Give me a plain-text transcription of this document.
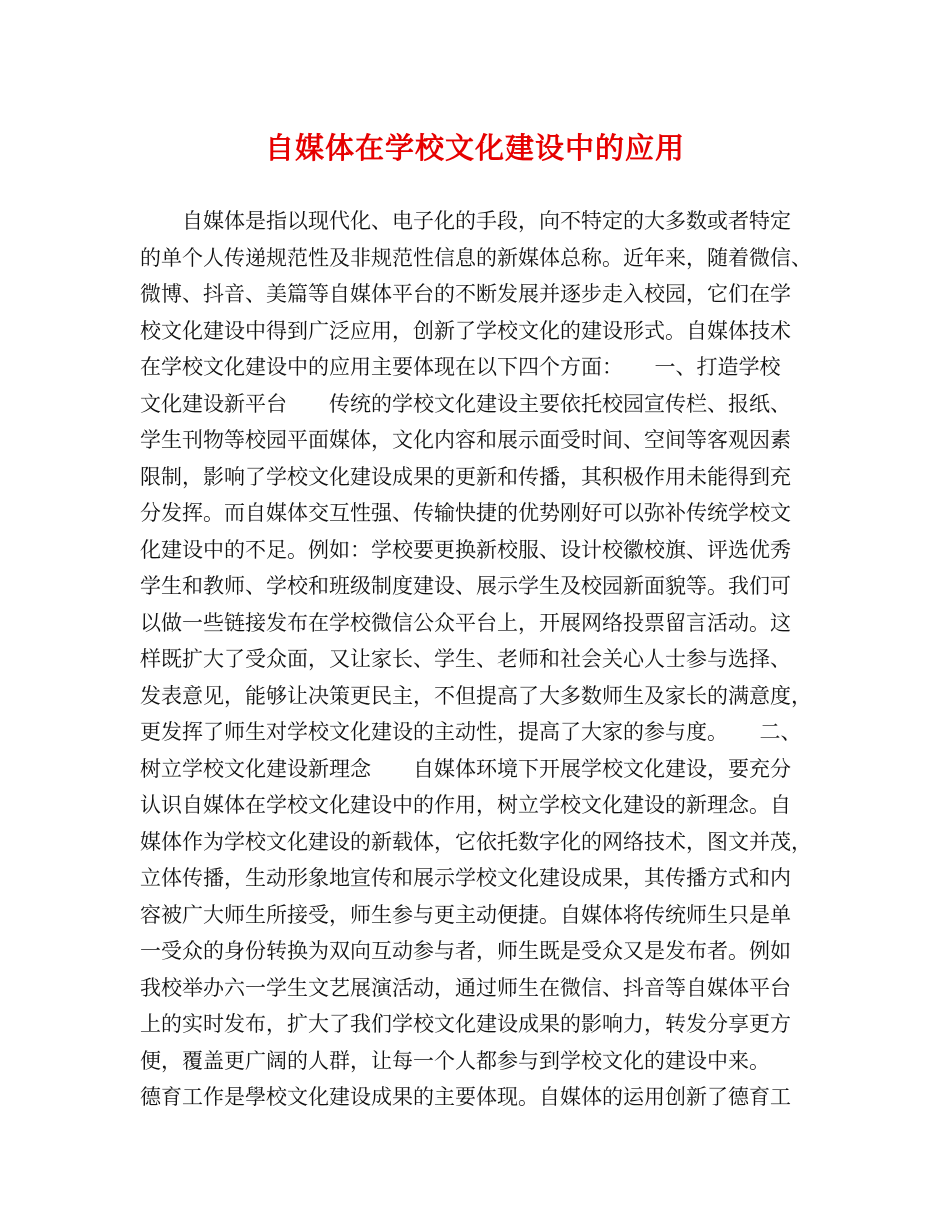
自媒体在学校文化建设中的应用
　　自媒体是指以现代化、电子化的手段，向不特定的大多数或者特定
的单个人传递规范性及非规范性信息的新媒体总称。近年来，随着微信、
微博、抖音、美篇等自媒体平台的不断发展并逐步走入校园，它们在学
校文化建设中得到广泛应用，创新了学校文化的建设形式。自媒体技术
在学校文化建设中的应用主要体现在以下四个方面：　　一、打造学校
文化建设新平台　　传统的学校文化建设主要依托校园宣传栏、报纸、
学生刊物等校园平面媒体，文化内容和展示面受时间、空间等客观因素
限制，影响了学校文化建设成果的更新和传播，其积极作用未能得到充
分发挥。而自媒体交互性强、传输快捷的优势刚好可以弥补传统学校文
化建设中的不足。例如：学校要更换新校服、设计校徽校旗、评选优秀
学生和教师、学校和班级制度建设、展示学生及校园新面貌等。我们可
以做一些链接发布在学校微信公众平台上，开展网络投票留言活动。这
样既扩大了受众面，又让家长、学生、老师和社会关心人士参与选择、
发表意见，能够让决策更民主，不但提高了大多数师生及家长的满意度，
更发挥了师生对学校文化建设的主动性，提高了大家的参与度。　　二、
树立学校文化建设新理念　　自媒体环境下开展学校文化建设，要充分
认识自媒体在学校文化建设中的作用，树立学校文化建设的新理念。自
媒体作为学校文化建设的新载体，它依托数字化的网络技术，图文并茂，
立体传播，生动形象地宣传和展示学校文化建设成果，其传播方式和内
容被广大师生所接受，师生参与更主动便捷。自媒体将传统师生只是单
一受众的身份转换为双向互动参与者，师生既是受众又是发布者。例如
我校举办六一学生文艺展演活动，通过师生在微信、抖音等自媒体平台
上的实时发布，扩大了我们学校文化建设成果的影响力，转发分享更方
便，覆盖更广阔的人群，让每一个人都参与到学校文化的建设中来。
德育工作是學校文化建设成果的主要体现。自媒体的运用创新了德育工
